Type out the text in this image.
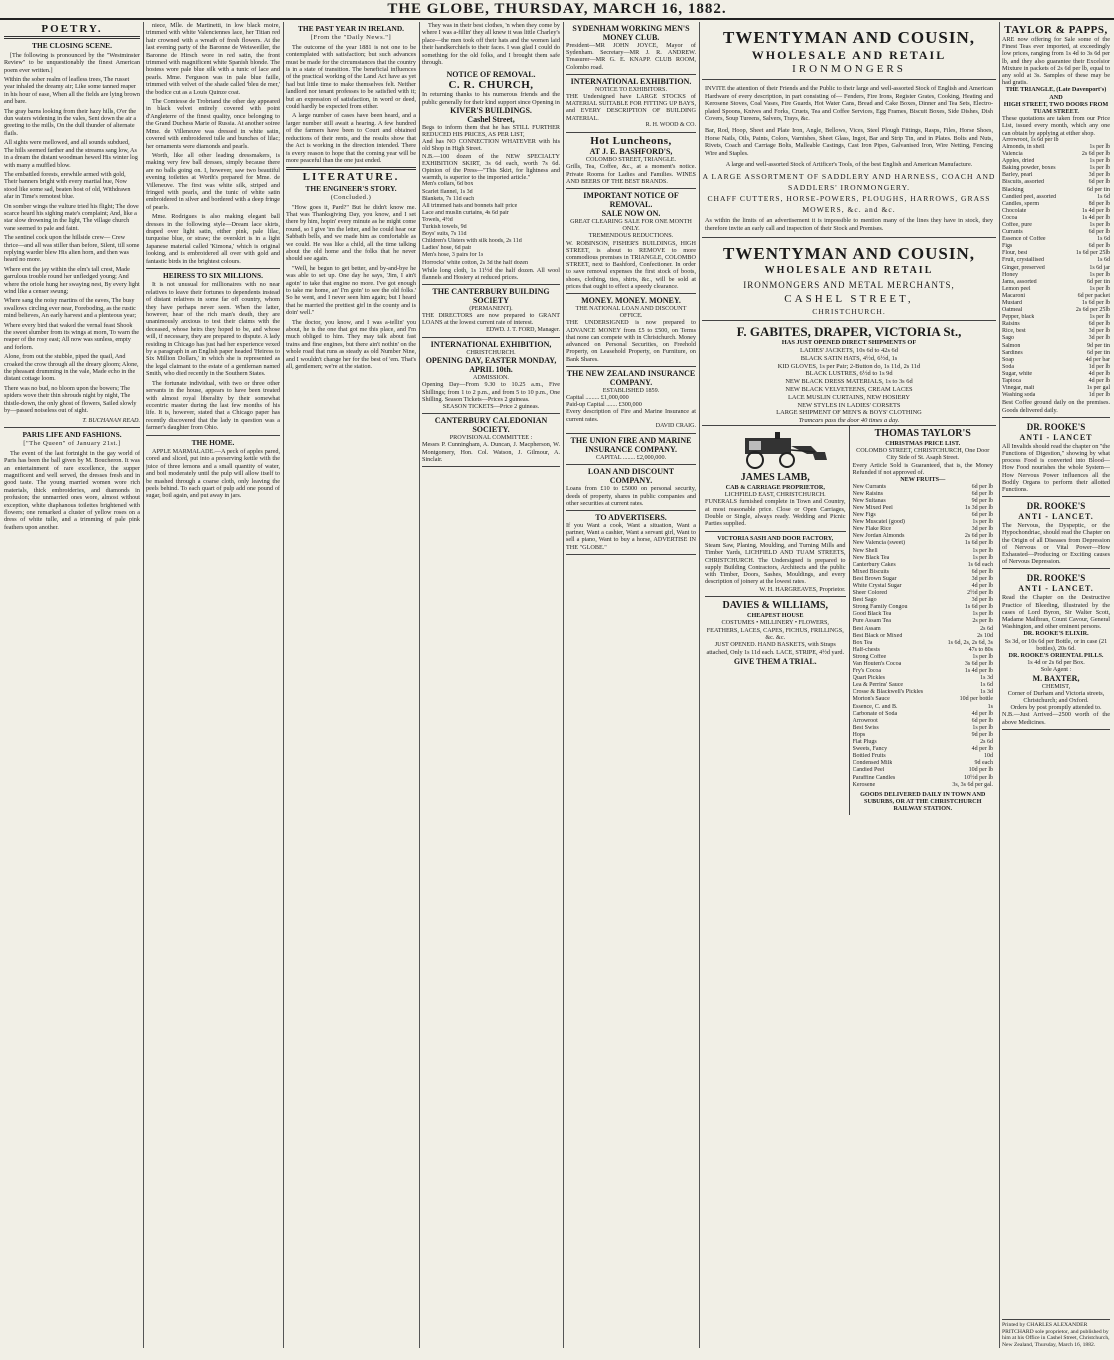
THE GLOBE, THURSDAY, MARCH 16, 1882.
POETRY.
THE CLOSING SCENE.

[The following is pronounced by the "Westminster Review" to be unquestionably the finest American poem ever written.]

Within the sober realm of leafless trees, The russet year inhaled the dreamy air; Like some tanned reaper in his hour of ease, When all the fields are lying brown and bare.

The gray barns looking from their hazy hills, O'er the dun waters widening in the vales, Sent down the air a greeting to the mills, On the dull thunder of alternate flails.

All sights were mellowed, and all sounds subdued, The hills seemed farther and the streams sang low, As in a dream the distant woodman hewed His winter log with many a muffled blow.

The embattled forests, erewhile armed with gold, Their banners bright with every martial hue, Now stood like some sad, beaten host of old, Withdrawn afar in Time's remotest blue.

On somber wings the vulture tried his flight; The dove scarce heard his sighing mate's complaint; And, like a star slow drowning in the light, The village church vane seemed to pale and faint.

The sentinel cock upon the hillside crew— Crew thrice—and all was stiller than before, Silent, till some replying warder blew His alien horn, and then was heard no more.

Where erst the jay within the elm's tall crest, Made garrulous trouble round her unfledged young; And where the oriole hung her swaying nest, By every light wind like a censer swung;

Where sang the noisy martins of the eaves, The busy swallows circling ever near, Foreboding, as the rustic mind believes, An early harvest and a plenteous year;

Where every bird that waked the vernal feast Shook the sweet slumber from its wings at morn, To warn the reaper of the rosy east; All now was sunless, empty and forlorn.

Alone, from out the stubble, piped the quail, And croaked the crow through all the dreary gloom; Alone, the pheasant drumming in the vale, Made echo in the distant cottage loom.

There was no bud, no bloom upon the bowers; The spiders wove their thin shrouds night by night, The thistle-down, the only ghost of flowers, Sailed slowly by—passed noiseless out of sight.

T. BUCHANAN READ.
PARIS LIFE AND FASHIONS.
["The Queen" of January 21st.]

The event of the last fortnight in the gay world of Paris has been the ball given by M. Boucheron. It was an entertainment of rare excellence, the supper magnificent and well served, the dresses fresh and in good taste. The young married women wore rich materials, thick embroideries, and diamonds in profusion; the unmarried ones wore, almost without exception, white diaphanous toilettes brightened with flowers; one remarked a cluster of yellow roses on a dress of white tulle, and a trimming of pale pink feathers upon another.

niece, Mlle. de Martinetti, in low black moire, trimmed with white Valenciennes lace, her Titian red hair crowned with a wreath of fresh flowers. At the last evening party of the Baronne de Weisweiller, the Baronne de Hirsch wore in red satin, the front trimmed with magnificent white Spanish blonde. The hostess wore pale blue silk with a tunic of lace and pearls. Mme. Ferguson was in pale blue faille, trimmed with velvet of the shade called 'bleu de mer,' the bodice cut as a Louis Quinze coat.

The Comtesse de Trobriand the other day appeared in black velvet entirely covered with point d'Angleterre of the finest quality, once belonging to the Grand Duchess Marie of Russia. At another soiree Mme. de Villeneuve was dressed in white satin, covered with embroidered tulle and bunches of lilac; her ornaments were diamonds and pearls.

Worth, like all other leading dressmakers, is making very few ball dresses, simply because there are no balls going on. I, however, saw two beautiful evening toilettes at Worth's prepared for Mme. de Villeneuve. The first was white silk, striped and fringed with pearls, and the tunic of white satin embroidered in silver and bordered with a deep fringe of pearls.

Mme. Rodrigues is also making elegant ball dresses in the following style—Dream lace skirts, draped over light satin, either pink, pale lilac, turquoise blue, or straw; the overskirt is in a light Japanese material called 'Kimona,' which is original looking, and is embroidered all over with gold and fantastic birds in the brightest colours.

HEIRESS TO SIX MILLIONS.

It is not unusual for millionaires with no near relatives to leave their fortunes to dependents instead of distant relatives in some far off country, whom they have perhaps never seen. When the latter, however, hear of the rich man's death, they are unanimously anxious to test their claims with the deceased, whose heirs they hoped to be, and whose will, if necessary, they are prepared to dispute. A lady residing in Chicago has just had her experience vexed by a paragraph in an English paper headed 'Heiress to Six Million Dollars,' in which she is represented as the legal claimant to the estate of a gentleman named Smith, who died recently in the Southern States.

The fortunate individual, with two or three other servants in the house, appears to have been treated with almost royal liberality by their somewhat eccentric master during the last few months of his life. It is, however, stated that a Chicago paper has recently discovered that the lady in question was a farmer's daughter from Ohio.

THE HOME.

APPLE MARMALADE.—A peck of apples pared, cored and sliced, put into a preserving kettle with the juice of three lemons and a small quantity of water, and boil moderately until the pulp will allow itself to be mashed through a coarse cloth, only leaving the peels behind. To each quart of pulp add one pound of sugar, boil again, and put away in jars.

THE PAST YEAR IN IRELAND.
[From the "Daily News."]

The outcome of the year 1881 is not one to be contemplated with satisfaction; but such advances must be made for the circumstances that the country is in a state of transition. The beneficial influences of the practical working of the Land Act have as yet had but little time to make themselves felt. Neither landlord nor tenant professes to be satisfied with it; but an expression of satisfaction, in word or deed, could hardly be expected from either.

A large number of cases have been heard, and a larger number still await a hearing. A few hundred of the farmers have been to Court and obtained reductions of their rents, and the results show that the Act is working in the direction intended. There is every reason to hope that the coming year will be more peaceful than the one just ended.

LITERATURE.
THE ENGINEER'S STORY.
(Concluded.)

"How goes it, Pard?" But he didn't know me. That was Thanksgiving Day, you know, and I set there by him, hopin' every minute as he might come round, so I give 'im the letter, and he could hear our Sabbath bells, and we made him as comfortable as we could. He was like a child, all the time talking about the old home and the folks that he never should see again.

"Well, he begun to get better, and by-and-bye he was able to set up. One day he says, 'Jim, I ain't agoin' to take that engine no more. I've got enough to take me home, an' I'm goin' to see the old folks.' So he went, and I never seen him again; but I heard that he married the prettiest girl in the county and is doin' well."

The doctor, you know, and I was a-tellin' you about, he is the one that got me this place, and I'm much obliged to him. They may talk about fast trains and fine engines, but there ain't nothin' on the whole road that runs as steady as old Number Nine, and I wouldn't change her for the best of 'em. That's all, gentlemen; we're at the station.

They was in their best clothes, 'n when they come by where I was a-fillin' they all knew it was little Charley's place—the men took off their hats and the women laid their handkerchiefs to their faces. I was glad I could do something for the old folks, and I brought them safe through.

NOTICE OF REMOVAL.
C. R. CHURCH,
In returning thanks to his numerous friends and the public generally for their kind support since Opening in
KIVER'S BUILDINGS.
Cashel Street,
Begs to inform them that he has STILL FURTHER REDUCED HIS PRICES, AS PER LIST,
And has NO CONNECTION WHATEVER with his old Shop in High Street.
N.B.—100 dozen of the NEW SPECIALTY EXHIBITION SKIRT, 3s 6d each, worth 7s 6d. Opinion of the Press—"This Skirt, for lightness and warmth, is superior to the imported article."
Men's collars, 6d box
Scarlet flannel, 1s 3d
Blankets, 7s 11d each
All trimmed hats and bonnets half price
Lace and muslin curtains, 4s 6d pair
Towels, 4½d
Turkish towels, 9d
Boys' suits, 7s 11d
Children's Ulsters with silk hoods, 2s 11d
Ladies' hose, 6d pair
Men's hose, 3 pairs for 1s
Horrocks' white cotton, 2s 3d the half dozen
While long cloth, 1s 11½d the half dozen. All wool flannels and Hosiery at reduced prices.
THE CANTERBURY BUILDING SOCIETY
(PERMANENT).
THE DIRECTORS are now prepared to GRANT LOANS at the lowest current rate of interest.
EDWD. J. T. FORD, Manager.
INTERNATIONAL EXHIBITION,
CHRISTCHURCH.
OPENING DAY, EASTER MONDAY, APRIL 10th.
ADMISSION.
Opening Day—From 9.30 to 10.25 a.m., Five Shillings; from 1 to 2 p.m., and from 5 to 10 p.m., One Shilling. Season Tickets—Prices 2 guineas.
SEASON TICKETS—Price 2 guineas.
CANTERBURY CALEDONIAN SOCIETY.
PROVISIONAL COMMITTEE :
Messrs P. Cunningham, A. Duncan, J. Macpherson, W. Montgomery, Hon. Col. Watson, J. Gilmour, A. Sinclair.
SYDENHAM WORKING MEN'S MONEY CLUB.
President—MR JOHN JOYCE, Mayor of Sydenham. Secretary—MR J. R. ANDREW. Treasurer—MR G. E. KNAPP. CLUB ROOM, Colombo road.
INTERNATIONAL EXHIBITION.
NOTICE TO EXHIBITORS.
THE Undersigned have LARGE STOCKS of MATERIAL SUITABLE FOR FITTING UP BAYS, and EVERY DESCRIPTION OF BUILDING MATERIAL.
R. H. WOOD & CO.
Hot Luncheons,
AT J. E. BASHFORD'S,
COLOMBO STREET, TRIANGLE.
Grills, Tea, Coffee, &c., at a moment's notice. Private Rooms for Ladies and Families. WINES AND BEERS OF THE BEST BRANDS.
IMPORTANT NOTICE OF REMOVAL.
SALE NOW ON.
GREAT CLEARING SALE FOR ONE MONTH ONLY.
TREMENDOUS REDUCTIONS.
W. ROBINSON, FISHER'S BUILDINGS, HIGH STREET, is about to REMOVE to more commodious premises in TRIANGLE, COLOMBO STREET, next to Bashford, Confectioner. In order to save removal expenses the first stock of boots, shoes, clothing, ties, shirts, &c., will be sold at prices that ought to effect a speedy clearance.
MONEY. MONEY. MONEY.
THE NATIONAL LOAN AND DISCOUNT OFFICE.
THE UNDERSIGNED is now prepared to ADVANCE MONEY from £5 to £500, on Terms that none can compete with in Christchurch. Money advanced on Personal Securities, on Freehold Property, on Leasehold Property, on Furniture, on Bank Shares.
THE NEW ZEALAND INSURANCE COMPANY.
ESTABLISHED 1859.
Capital ......... £1,000,000
Paid-up Capital ....... £300,000
Every description of Fire and Marine Insurance at current rates.
DAVID CRAIG.
THE UNION FIRE AND MARINE INSURANCE COMPANY.
CAPITAL ........ £2,000,000.
LOAN AND DISCOUNT COMPANY.
Loans from £10 to £5000 on personal security, deeds of property, shares in public companies and other securities at current rates.
TO ADVERTISERS.
If you Want a cook, Want a situation, Want a partner, Want a cashier, Want a servant girl, Want to sell a piano, Want to buy a horse, ADVERTISE IN THE "GLOBE."
TWENTYMAN AND COUSIN,
WHOLESALE AND RETAIL
IRONMONGERS
INVITE the attention of their Friends and the Public to their large and well-assorted Stock of English and American Hardware of every description, in part consisting of— Fenders, Fire Irons, Register Grates, Cooking, Heating and Kerosene Stoves, Coal Vases, Fire Guards, Hot Water Cans, Bread and Cake Boxes, Dinner and Tea Sets, Electro-plated Spoons, Knives and Forks, Cruets, Tea and Coffee Services, Egg Frames, Biscuit Boxes, Side Dishes, Dish Covers, Soup Tureens, Salvers, Trays, &c.
Bar, Rod, Hoop, Sheet and Plate Iron, Angle, Bellows, Vices, Steel Plough Fittings, Rasps, Files, Horse Shoes, Horse Nails, Oils, Paints, Colors, Varnishes, Sheet Glass, Ingot, Bar and Strip Tin, and in Plates. Bolts and Nuts, Rivets, Coach and Carriage Bolts, Malleable Castings, Cast Iron Pipes, Galvanised Iron, Wire Netting, Fencing Wire and Staples.
A large and well-assorted Stock of Artificer's Tools, of the best English and American Manufacture.
A LARGE ASSORTMENT OF SADDLERY AND HARNESS, COACH AND SADDLERS' IRONMONGERY.
CHAFF CUTTERS, HORSE-POWERS, PLOUGHS, HARROWS, GRASS MOWERS, &c. and &c.
As within the limits of an advertisement it is impossible to mention many of the lines they have in stock, they therefore invite an early call and inspection of their Stock and Premises.
TWENTYMAN AND COUSIN,
WHOLESALE AND RETAIL
IRONMONGERS AND METAL MERCHANTS,
CASHEL STREET,
CHRISTCHURCH.
F. GABITES, DRAPER, VICTORIA St.,
HAS JUST OPENED DIRECT SHIPMENTS OF
LADIES' JACKETS, 10s 6d to 42s 6d
BLACK SATIN HATS, 4½d, 6½d, 1s
KID GLOVES, 1s per Pair; 2-Button do, 1s 11d, 2s 11d
BLACK LUSTRES, 6½d to 1s 9d
NEW BLACK DRESS MATERIALS, 1s to 3s 6d
NEW BLACK VELVETEENS, CREAM LACES
LACE MUSLIN CURTAINS, NEW HOSIERY
NEW STYLES IN LADIES' CORSETS
LARGE SHIPMENT OF MEN'S & BOYS' CLOTHING
Tramcars pass the door 40 times a day.
JAMES LAMB,
CAB & CARRIAGE PROPRIETOR,
LICHFIELD EAST, CHRISTCHURCH.
FUNERALS furnished complete in Town and Country, at most reasonable price. Close or Open Carriages, Double or Single, always ready. Wedding and Picnic Parties supplied.
VICTORIA SASH AND DOOR FACTORY,
Steam Saw, Planing, Moulding, and Turning Mills and Timber Yards, LICHFIELD AND TUAM STREETS, CHRISTCHURCH. The Undersigned is prepared to supply Building Contractors, Architects and the public with Timber, Doors, Sashes, Mouldings, and every description of joinery at the lowest rates.
W. H. HARGREAVES, Proprietor.
DAVIES & WILLIAMS,
CHEAPEST HOUSE
COSTUMES • MILLINERY • FLOWERS, FEATHERS, LACES, CAPES, FICHUS, FRILLINGS, &c. &c.
JUST OPENED. HAND BASKETS, with Straps attached, Only 1s 11d each. LACE, STRIPE, 4½d yard.
GIVE THEM A TRIAL.
THOMAS TAYLOR'S
CHRISTMAS PRICE LIST.
COLOMBO STREET, CHRISTCHURCH, One Door City Side of St. Asaph Street.
Every Article Sold is Guaranteed, that is, the Money Refunded if not approved of.
NEW FRUITS—
New Currants	6d per lb
New Raisins	6d per lb
New Sultanas	9d per lb
New Mixed Peel	1s 3d per lb
New Figs	6d per lb
New Muscatel (good)	1s per lb
New Flake Rice	3d per lb
New Jordan Almonds	2s 6d per lb
New Valencia (sweet)	1s 6d per lb
New Shell	1s per lb
New Black Tea	1s per lb
Canterbury Cakes	1s 6d each
Mixed Biscuits	6d per lb
Best Brown Sugar	3d per lb
White Crystal Sugar	4d per lb
Sheer Colored	2½d per lb
Best Sago	3d per lb
Strong Family Congou	1s 6d per lb
Good Black Tea	1s per lb
Pure Assam Tea	2s per lb
Best Assam	2s 6d
Best Black or Mixed	2s 10d
Box Tea	1s 6d, 2s, 2s 6d, 3s
Half-chests	47s to 80s
Strong Coffee	1s per lb
Van Houten's Cocoa	3s 6d per lb
Fry's Cocoa	1s 4d per lb
Quart Pickles	1s 3d
Lea & Perrins' Sauce	1s 6d
Crosse & Blackwell's Pickles	1s 3d
Morton's Sauce	10d per bottle
Essence, C. and B.	1s
Carbonate of Soda	4d per lb
Arrowroot	6d per lb
Best Swiss	1s per lb
Hops	9d per lb
Flat Plugs	2s 6d
Sweets, Fancy	4d per lb
Bottled Fruits	10d
Condensed Milk	9d each
Candied Peel	10d per lb
Paraffine Candles	10½d per lb
Kerosene	3s, 3s 6d per gal.
GOODS DELIVERED DAILY IN TOWN AND SUBURBS, OR AT THE CHRISTCHURCH RAILWAY STATION.
TAYLOR & PAPPS,
ARE now offering for Sale some of the Finest Teas ever imported, at exceedingly low prices, ranging from 1s 4d to 3s 6d per lb, and they also guarantee their Excelsior Mixture in packets of 2s 6d per lb, equal to any sold at 3s. Samples of these may be had gratis.
THE TRIANGLE, (Late Davenport's) AND
HIGH STREET, TWO DOORS FROM TUAM STREET.
These quotations are taken from our Price List, issued every month, which any one can obtain by applying at either shop.
Arrowroot, 1s 6d per lb
Almonds, in shell	1s per lb
Valencia	2s 6d per lb
Apples, dried	1s per lb
Baking powder, boxes	1s per lb
Barley, pearl	3d per lb
Biscuits, assorted	6d per lb
Blacking	6d per tin
Candied peel, assorted	1s 6d
Candles, sperm	8d per lb
Chocolate	1s 4d per lb
Cocoa	1s 4d per lb
Coffee, pure	1s per lb
Currants	6d per lb
Essence of Coffee	1s 6d
Figs	6d per lb
Flour, best	1s 6d per 25lb
Fruit, crystallised	1s 6d
Ginger, preserved	1s 6d jar
Honey	1s per lb
Jams, assorted	6d per tin
Lemon peel	1s per lb
Macaroni	6d per packet
Mustard	1s 6d per lb
Oatmeal	2s 6d per 25lb
Pepper, black	1s per lb
Raisins	6d per lb
Rice, best	3d per lb
Sago	3d per lb
Salmon	9d per tin
Sardines	6d per tin
Soap	4d per bar
Soda	1d per lb
Sugar, white	4d per lb
Tapioca	4d per lb
Vinegar, malt	1s per gal
Washing soda	1d per lb
Best Coffee ground daily on the premises. Goods delivered daily.
DR. ROOKE'S
ANTI - LANCET
All Invalids should read the chapter on "the Functions of Digestion," showing by what process Food is converted into Blood—How Food nourishes the whole System—How Nervous Power influences all the Bodily Organs to perform their allotted Functions.
DR. ROOKE'S
ANTI - LANCET.
The Nervous, the Dyspeptic, or the Hypochondriac, should read the Chapter on the Origin of all Diseases from Depression of Nervous or Vital Power—How Exhausted—Producing or Exciting causes of Nervous Depression.
DR. ROOKE'S
ANTI - LANCET.
Read the Chapter on the Destructive Practice of Bleeding, illustrated by the cases of Lord Byron, Sir Walter Scott, Madame Malibran, Count Cavour, General Washington, and other eminent persons.
DR. ROOKE'S ELIXIR.
Ss 3d, or 10s 6d per Bottle, or in case (21 bottles), 20s 6d.
DR. ROOKE'S ORIENTAL PILLS.
1s 4d or 2s 6d per Box.
Sole Agent :
M. BAXTER,
CHEMIST,
Corner of Durham and Victoria streets, Christchurch; and Oxford.
Orders by post promptly attended to.
N.B.—Just Arrived—2500 worth of the above Medicines.
Printed by CHARLES ALEXANDER PRITCHARD sole proprietor, and published by him at his Office in Cashel Street, Christchurch, New Zealand, Thursday, March 16, 1882.
